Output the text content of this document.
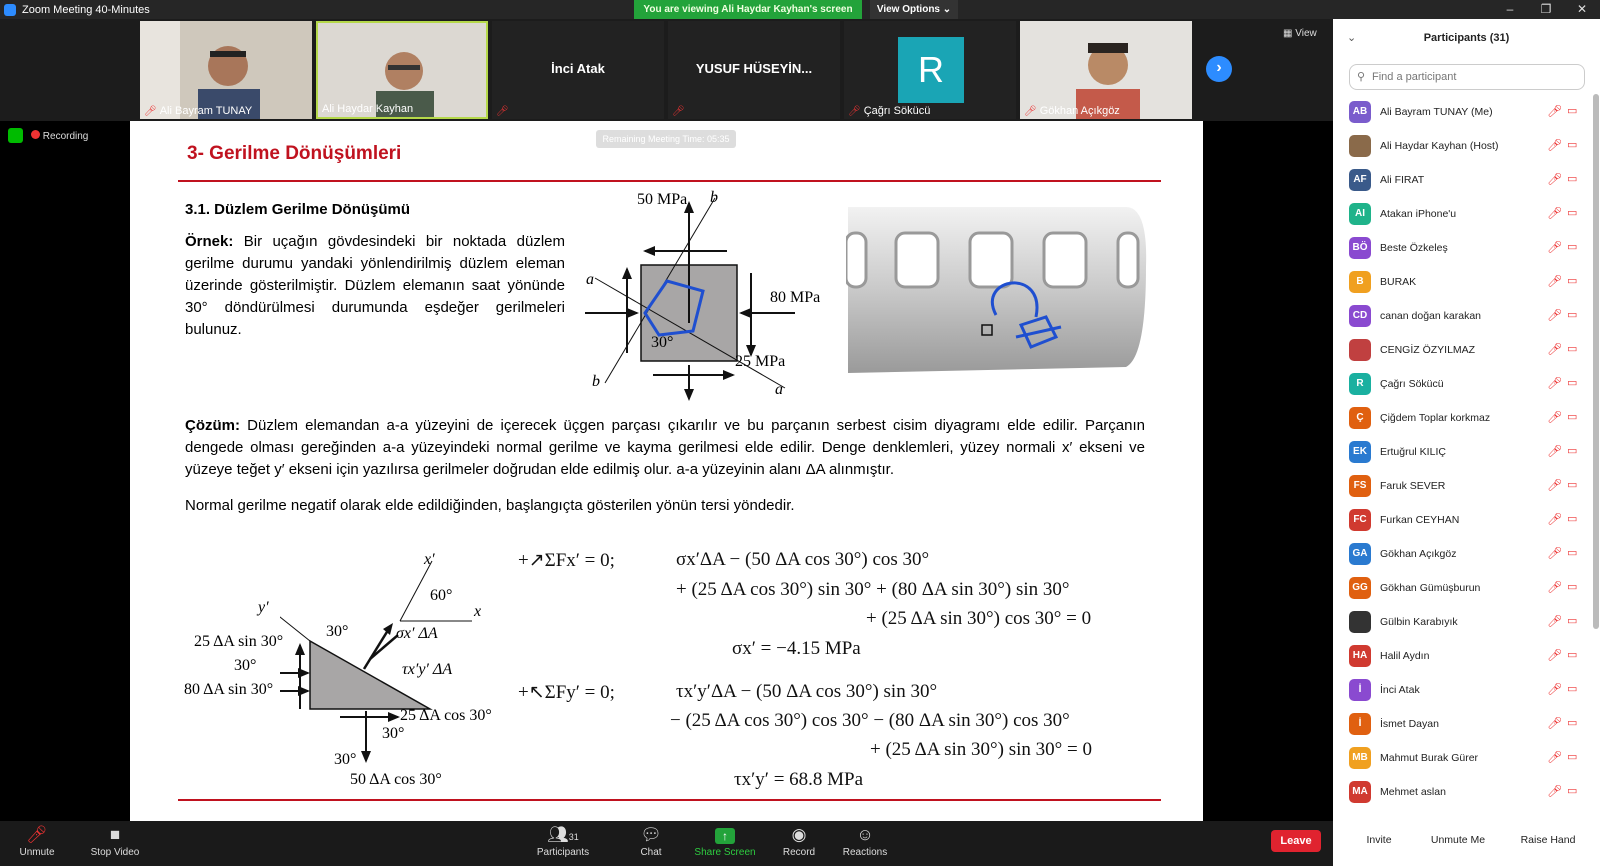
Zoom Meeting 40-Minutes	–	❐	✕
You are viewing Ali Haydar Kayhan's screen	View Options ⌄
🎤︎ Ali Bayram TUNAY	Ali Haydar Kayhan
İnci Atak
🎤︎
YUSUF HÜSEYİN...
🎤︎
R
🎤︎ Çağrı Sökücü	🎤︎ Gökhan Açıkgöz
›
▦ View
Recording
3- Gerilme Dönüşümleri
3.1. Düzlem Gerilme Dönüşümü
Örnek: Bir uçağın gövdesindeki bir noktada düzlem gerilme durumu yandaki yönlendirilmiş düzlem eleman üzerinde gösterilmiştir. Düzlem elemanın saat yönünde 30° döndürülmesi durumunda eşdeğer gerilmeleri bulunuz.
50 MPa
80 MPa
25 MPa
30°
a
a
b
b
Çözüm: Düzlem elemandan a-a yüzeyini de içerecek üçgen parçası çıkarılır ve bu parçanın serbest cisim diyagramı elde edilir. Parçanın dengede olması gereğinden a-a yüzeyindeki normal gerilme ve kayma gerilmesi elde edilir. Denge denklemleri, yüzey normali x′ ekseni ve yüzeye teğet y′ ekseni için yazılırsa gerilmeler doğrudan elde edilmiş olur. a-a yüzeyinin alanı ΔA alınmıştır.
Normal gerilme negatif olarak elde edildiğinden, başlangıçta gösterilen yönün tersi yöndedir.
x′
y′	x
60°
30°
30°
30°
30°
σx′ ΔA
τx′y′ ΔA
25 ΔA sin 30°
80 ΔA sin 30°
25 ΔA cos 30°
50 ΔA cos 30°
+↗ΣFx′ = 0;	σx′ΔA − (50 ΔA cos 30°) cos 30°
+ (25 ΔA cos 30°) sin 30° + (80 ΔA sin 30°) sin 30°
+ (25 ΔA sin 30°) cos 30° = 0
σx′ = −4.15 MPa
+↖ΣFy′ = 0;	τx′y′ΔA − (50 ΔA cos 30°) sin 30°
− (25 ΔA cos 30°) cos 30° − (80 ΔA sin 30°) cos 30°
+ (25 ΔA sin 30°) sin 30° = 0
τx′y′ = 68.8 MPa
Remaining Meeting Time: 05:35
⌄	Participants (31)
⚲ Find a participant
AB	Ali Bayram TUNAY (Me)	🎤︎ ▭
Ali Haydar Kayhan (Host)	🎤︎ ▭
AF	Ali FIRAT	🎤︎ ▭
AI	Atakan iPhone'u	🎤︎ ▭
BÖ	Beste Özkeleş	🎤︎ ▭
B	BURAK	🎤︎ ▭
CD	canan doğan karakan	🎤︎ ▭
CENGİZ ÖZYILMAZ	🎤︎ ▭
R	Çağrı Sökücü	🎤︎ ▭
Ç	Çiğdem Toplar korkmaz	🎤︎ ▭
EK	Ertuğrul KILIÇ	🎤︎ ▭
FS	Faruk SEVER	🎤︎ ▭
FC	Furkan CEYHAN	🎤︎ ▭
GA	Gökhan Açıkgöz	🎤︎ ▭
GG	Gökhan Gümüşburun	🎤︎ ▭
Gülbin Karabıyık	🎤︎ ▭
HA	Halil Aydın	🎤︎ ▭
İ	İnci Atak	🎤︎ ▭
İ	İsmet Dayan	🎤︎ ▭
MB	Mahmut Burak Gürer	🎤︎ ▭
MA	Mehmet aslan	🎤︎ ▭
Invite	Unmute Me	Raise Hand
🎤︎
Unmute
■
Stop Video
👥︎31
Participants
💬︎
Chat
↑
Share Screen
◉
Record
☺
Reactions
Leave
